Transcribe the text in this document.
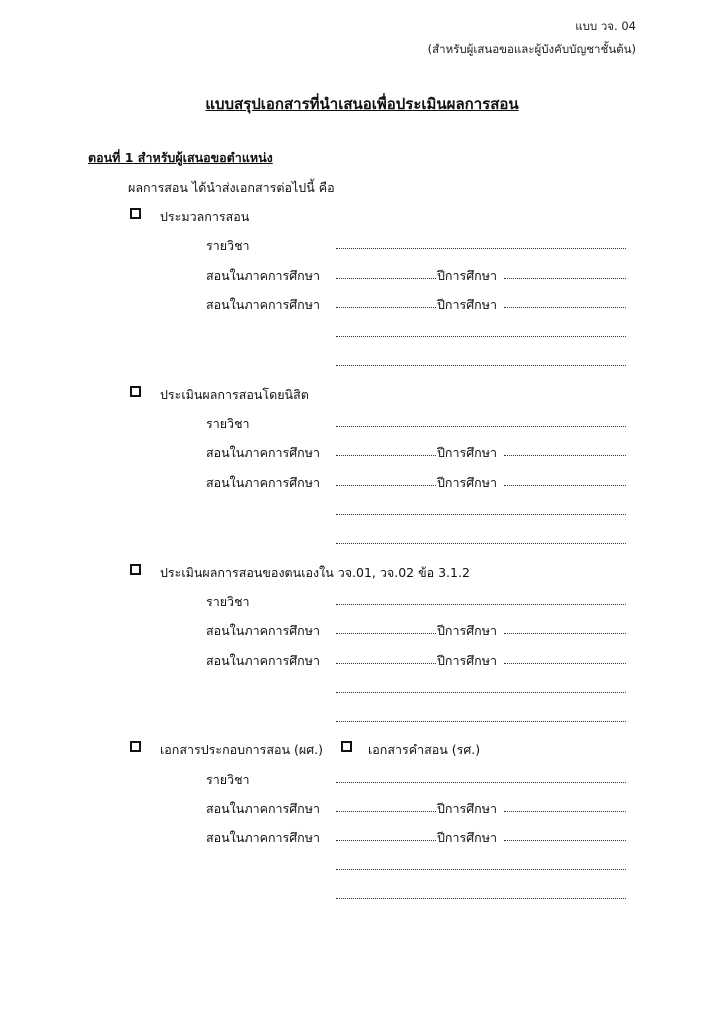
แบบ วจ. 04
(สำหรับผู้เสนอขอและผู้บังคับบัญชาชั้นต้น)
แบบสรุปเอกสารที่นำเสนอเพื่อประเมินผลการสอน
ตอนที่ 1 สำหรับผู้เสนอขอตำแหน่ง
ผลการสอน ได้นำส่งเอกสารต่อไปนี้ คือ
ประมวลการสอน
รายวิชา
สอนในภาคการศึกษา	ปีการศึกษา
สอนในภาคการศึกษา	ปีการศึกษา
ประเมินผลการสอนโดยนิสิต
รายวิชา
สอนในภาคการศึกษา	ปีการศึกษา
สอนในภาคการศึกษา	ปีการศึกษา
ประเมินผลการสอนของตนเองใน วจ.01, วจ.02 ข้อ 3.1.2
รายวิชา
สอนในภาคการศึกษา	ปีการศึกษา
สอนในภาคการศึกษา	ปีการศึกษา
เอกสารประกอบการสอน (ผศ.)	เอกสารคำสอน (รศ.)
รายวิชา
สอนในภาคการศึกษา	ปีการศึกษา
สอนในภาคการศึกษา	ปีการศึกษา
